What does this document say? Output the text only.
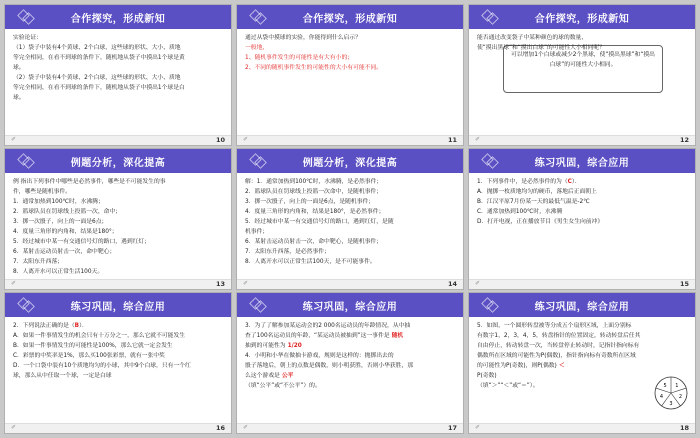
合作探究，形成新知

实验论证：

（1）袋子中装有4个黄球、2个白球，这些球的形状、大小、质地

等完全相同，在看不到球的条件下，随机地从袋子中摸出1个球是黄

球。

（2）袋子中装有4个黄球、2个白球，这些球的形状、大小、质地

等完全相同，在看不到球的条件下，随机地从袋子中摸出1个球是白

球。

✐	10
合作探究，形成新知

通过从袋中摸球的实验，你能得到什么启示？

一般地，

1、随机事件发生的可能性是有大有小的；

2、不同的随机事件发生的可能性的大小有可能不同。

✐	11
合作探究，形成新知
可以增加1个白球或减少2个黑球，使“摸出黑球”和“摸出白球”的可能性大小相同。

能否通过改变袋子中某种颜色的球的数量，

使“摸出黑球”和“摸出白球”的可能性大小相同呢？

✐	12
例题分析，深化提高

例 指出下列事件中哪些是必然事件，哪些是不可能发生的事

件，哪些是随机事件。

1．通常加热到100℃时，水沸腾；

2．篮球队员在罚球线上投篮一次，命中；

3．掷一次骰子，向上的一面是6点；

4．度量三角形的内角和，结果是180°；

5．经过城市中某一有交通信号灯的路口，遇到红灯；

6．某射击运动员射击一次，命中靶心；

7．太阳东升西落；

8．人离开水可以正常生活100天。

✐	13
例题分析，深化提高

解：1．通常加热到100℃时，水沸腾，是必然事件；

2．篮球队员在罚球线上投篮一次命中，是随机事件；

3．掷一次骰子，向上的一面是6点，是随机事件；

4．度量三角形的内角和，结果是180°，是必然事件；

5．经过城市中某一有交通信号灯的路口，遇到红灯，是随

机事件；

6．某射击运动员射击一次，命中靶心，是随机事件；

7．太阳东升西落，是必然事件；

8．人离开水可以正常生活100天，是不可能事件。

✐	14
练习巩固，综合应用

1．下列事件中，是必然事件的为（C）．

A．抛掷一枚质地均匀的硬币，落地后正面朝上

B．江汉平原7月份某一天的最低气温是-2℃

C．通常加热到100℃时，水沸腾

D．打开电视，正在播放节目《男生女生向前冲》

✐	15
练习巩固，综合应用

2．下列说法正确的是（B）．

A．如果一件事情发生的机会只有十万分之一，那么它就不可能发生

B．如果一件事情发生的可能性是100%，那么它就一定会发生

C．彩票的中奖率是1%，那么买100张彩票，就有一张中奖

D．一个口袋中装有10个质地均匀的小球，其中9个白球，只有一个红

球，那么从中任取一个球，一定是白球

✐	16
练习巩固，综合应用

3．为了了解参加某运动会的2 000名运动员的年龄情况，从中抽

查了100名运动员的年龄，“某运动员被抽到”这一事件是 随机

抽到的可能性为 1/20

4．小明和小华在做抽卡游戏，规则是这样的：抛掷出去的

骰子落地后，朝上的点数是偶数，则小明获胜，否则小华获胜，那

么这个游戏是 公平

（填“公平”或“不公平”）的。

✐	17
练习巩固，综合应用
1
2
3
4
5

5．如图，一个圆形转盘被等分成五个扇形区域，上面分别标

有数字1，2，3，4，5，转盘指针的位置固定，转动转盘后任其

自由停止，转动转盘一次，当转盘停止转动时，记指针指向标有

偶数所在区域的可能性为P(偶数)，指针指向标有奇数所在区域

的可能性为P(奇数)，则P(偶数) ＜

P(奇数)

（填“＞”“＜”或“＝”）。

✐	18
